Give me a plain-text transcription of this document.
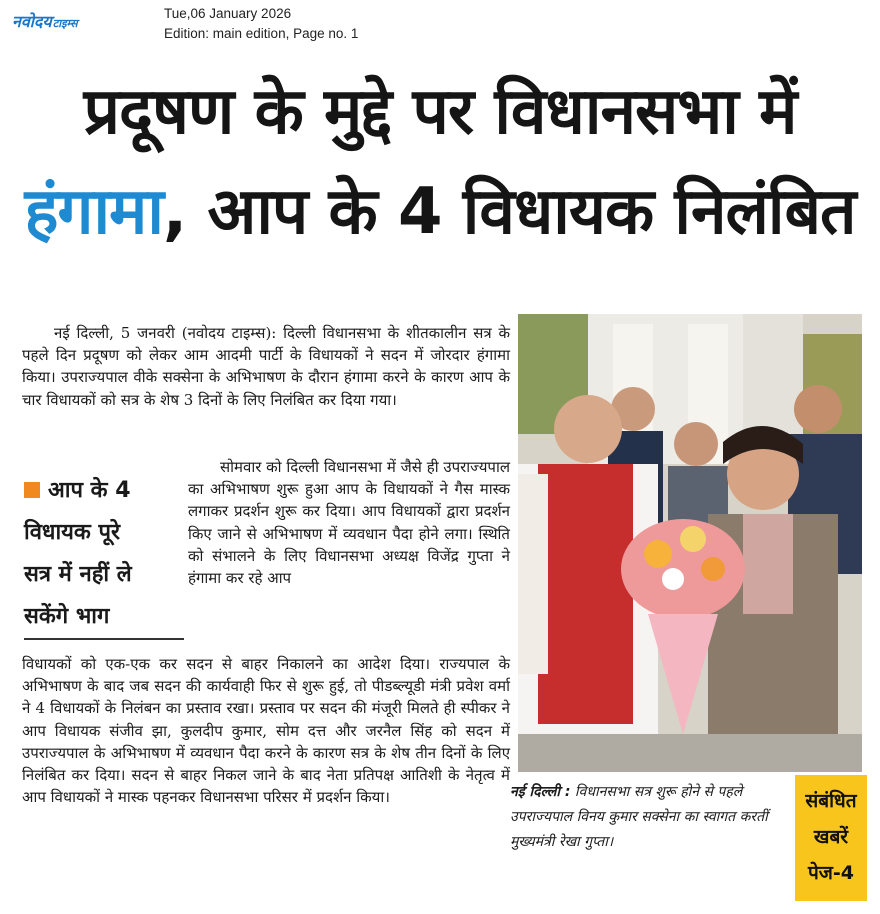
नवोदयटाइम्स
Tue,06 January 2026
Edition: main edition, Page no. 1
प्रदूषण के मुद्दे पर विधानसभा में
हंगामा, आप के 4 विधायक निलंबित

नई दिल्ली, 5 जनवरी (नवोदय टाइम्स): दिल्ली विधानसभा के शीतकालीन सत्र के पहले दिन प्रदूषण को लेकर आम आदमी पार्टी के विधायकों ने सदन में जोरदार हंगामा किया। उपराज्यपाल वीके सक्सेना के अभिभाषण के दौरान हंगामा करने के कारण आप के चार विधायकों को सत्र के शेष 3 दिनों के लिए निलंबित कर दिया गया।

आप के 4
विधायक पूरे
सत्र में नहीं ले
सकेंगे भाग

सोमवार को दिल्ली विधानसभा में जैसे ही उपराज्यपाल का अभिभाषण शुरू हुआ आप के विधायकों ने गैस मास्क लगाकर प्रदर्शन शुरू कर दिया। आप विधायकों द्वारा प्रदर्शन किए जाने से अभिभाषण में व्यवधान पैदा होने लगा। स्थिति को संभालने के लिए विधानसभा अध्यक्ष विजेंद्र गुप्ता ने हंगामा कर रहे आप

विधायकों को एक-एक कर सदन से बाहर निकालने का आदेश दिया। राज्यपाल के अभिभाषण के बाद जब सदन की कार्यवाही फिर से शुरू हुई, तो पीडब्ल्यूडी मंत्री प्रवेश वर्मा ने 4 विधायकों के निलंबन का प्रस्ताव रखा। प्रस्ताव पर सदन की मंजूरी मिलते ही स्पीकर ने आप विधायक संजीव झा, कुलदीप कुमार, सोम दत्त और जरनैल सिंह को सदन में उपराज्यपाल के अभिभाषण में व्यवधान पैदा करने के कारण सत्र के शेष तीन दिनों के लिए निलंबित कर दिया। सदन से बाहर निकल जाने के बाद नेता प्रतिपक्ष आतिशी के नेतृत्व में आप विधायकों ने मास्क पहनकर विधानसभा परिसर में प्रदर्शन किया।	नई दिल्ली : विधानसभा सत्र शुरू होने से पहले उपराज्यपाल विनय कुमार सक्सेना का स्वागत करतीं मुख्यमंत्री रेखा गुप्ता।
संबंधित
खबरें
पेज-4
